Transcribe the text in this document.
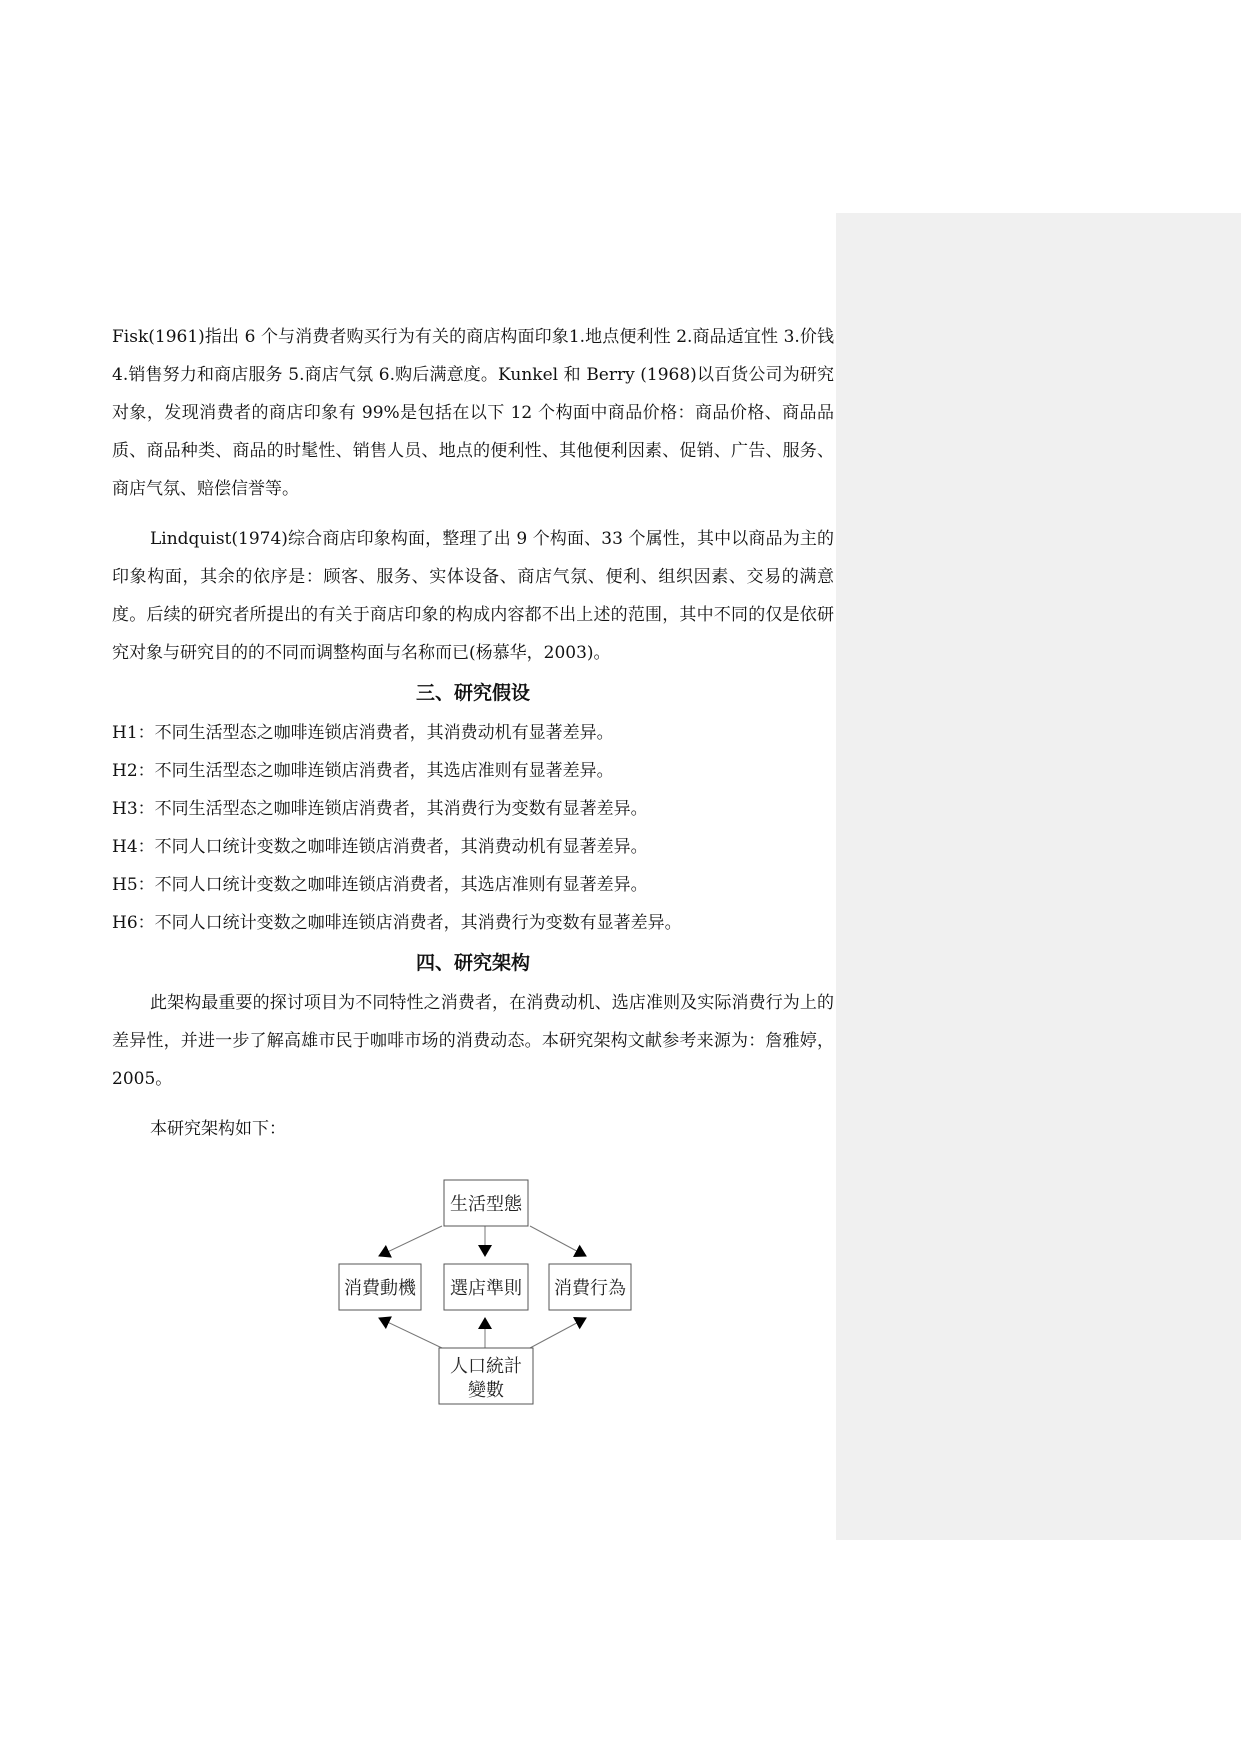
Fisk(1961)指出 6 个与消费者购买行为有关的商店构面印象1.地点便利性 2.商品适宜性 3.价钱 4.销售努力和商店服务 5.商店气氛 6.购后满意度。Kunkel 和 Berry (1968)以百货公司为研究对象，发现消费者的商店印象有 99%是包括在以下 12 个构面中商品价格：商品价格、商品品质、商品种类、商品的时髦性、销售人员、地点的便利性、其他便利因素、促销、广告、服务、商店气氛、赔偿信誉等。

Lindquist(1974)综合商店印象构面，整理了出 9 个构面、33 个属性，其中以商品为主的印象构面，其余的依序是：顾客、服务、实体设备、商店气氛、便利、组织因素、交易的满意度。后续的研究者所提出的有关于商店印象的构成内容都不出上述的范围，其中不同的仅是依研究对象与研究目的的不同而调整构面与名称而已(杨慕华，2003)。

三、研究假设

H1：不同生活型态之咖啡连锁店消费者，其消费动机有显著差异。

H2：不同生活型态之咖啡连锁店消费者，其选店准则有显著差异。

H3：不同生活型态之咖啡连锁店消费者，其消费行为变数有显著差异。

H4：不同人口统计变数之咖啡连锁店消费者，其消费动机有显著差异。

H5：不同人口统计变数之咖啡连锁店消费者，其选店准则有显著差异。

H6：不同人口统计变数之咖啡连锁店消费者，其消费行为变数有显著差异。

四、研究架构

此架构最重要的探讨项目为不同特性之消费者，在消费动机、选店准则及实际消费行为上的差异性，并进一步了解高雄市民于咖啡市场的消费动态。本研究架构文献参考来源为：詹雅婷，2005。

本研究架构如下：

生活型態
消費動機 選店準則 消費行為
人口統計
變數
